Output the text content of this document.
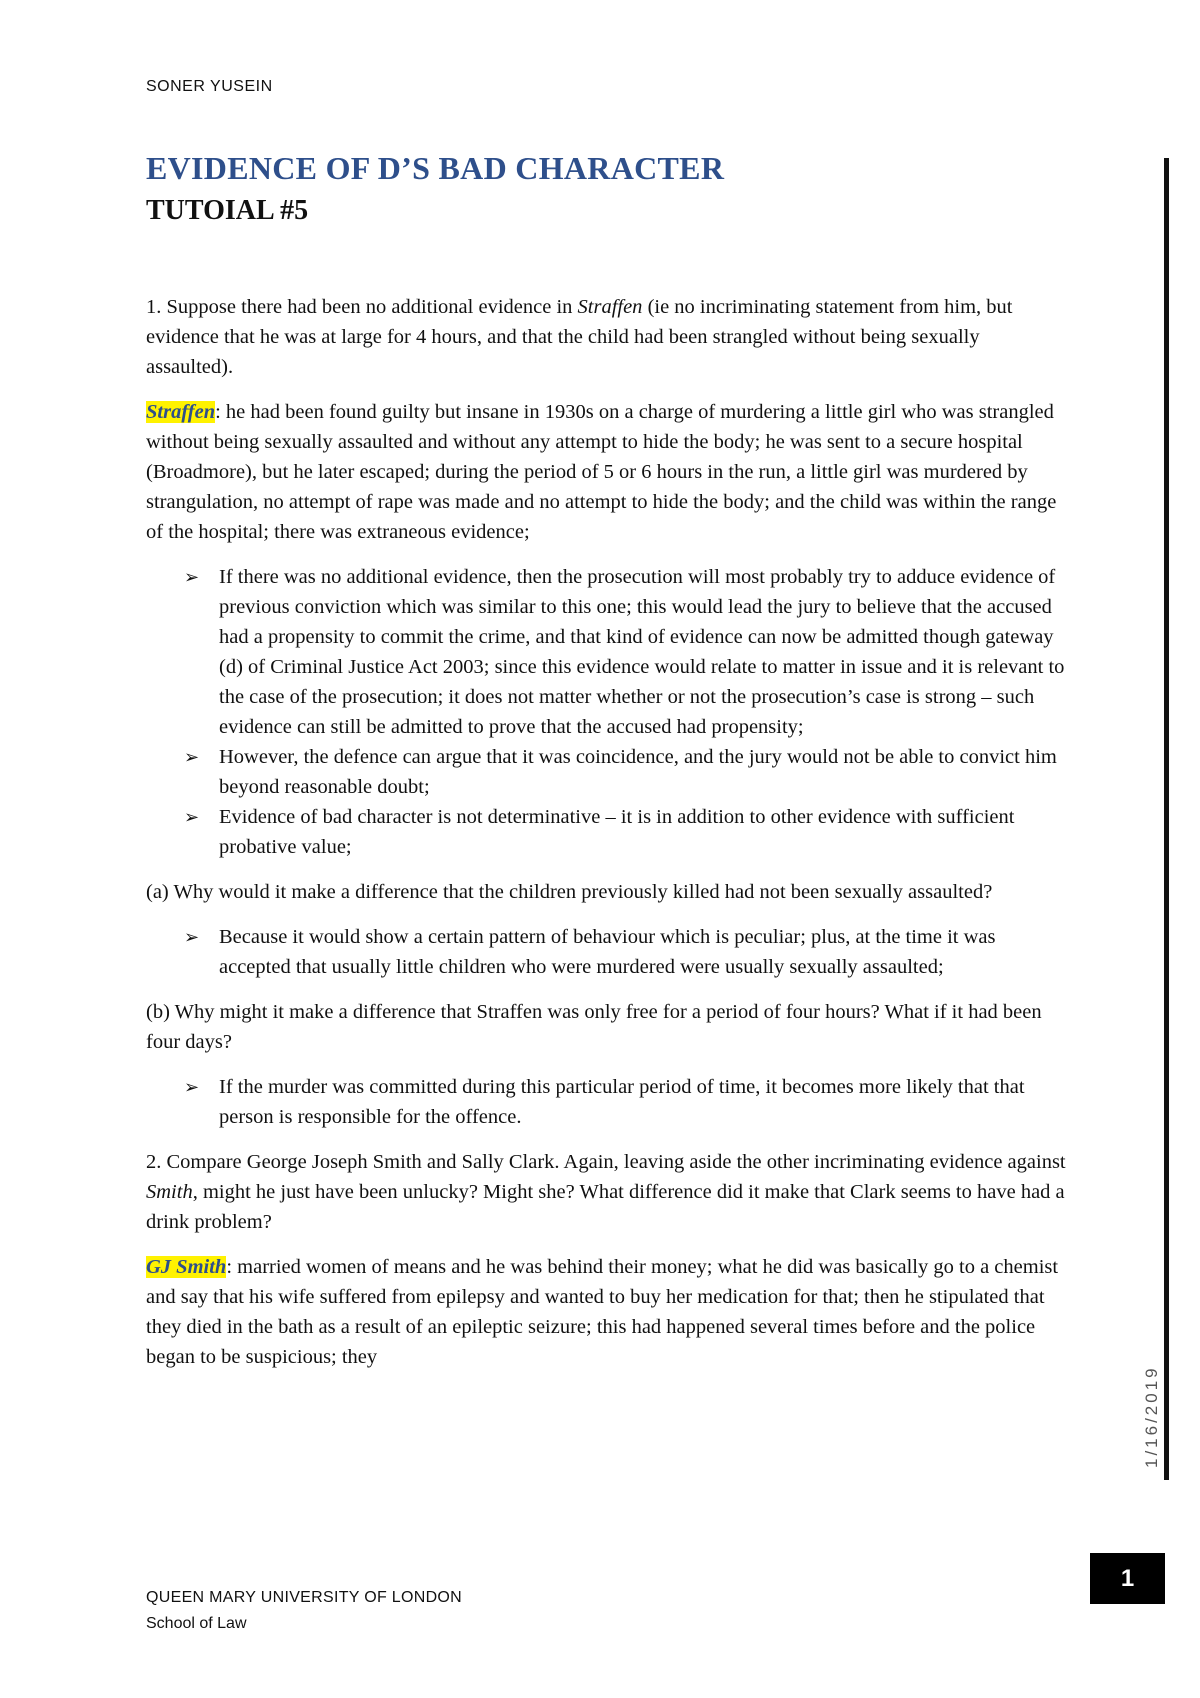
SONER YUSEIN
EVIDENCE OF D’S BAD CHARACTER
TUTOIAL #5

1. Suppose there had been no additional evidence in Straffen (ie no incriminating statement from him, but evidence that he was at large for 4 hours, and that the child had been strangled without being sexually assaulted).

Straffen: he had been found guilty but insane in 1930s on a charge of murdering a little girl who was strangled without being sexually assaulted and without any attempt to hide the body; he was sent to a secure hospital (Broadmore), but he later escaped; during the period of 5 or 6 hours in the run, a little girl was murdered by strangulation, no attempt of rape was made and no attempt to hide the body; and the child was within the range of the hospital; there was extraneous evidence;

➢ If there was no additional evidence, then the prosecution will most probably try to adduce evidence of previous conviction which was similar to this one; this would lead the jury to believe that the accused had a propensity to commit the crime, and that kind of evidence can now be admitted though gateway (d) of Criminal Justice Act 2003; since this evidence would relate to matter in issue and it is relevant to the case of the prosecution; it does not matter whether or not the prosecution’s case is strong – such evidence can still be admitted to prove that the accused had propensity;
➢ However, the defence can argue that it was coincidence, and the jury would not be able to convict him beyond reasonable doubt;
➢ Evidence of bad character is not determinative – it is in addition to other evidence with sufficient probative value;

(a) Why would it make a difference that the children previously killed had not been sexually assaulted?

➢ Because it would show a certain pattern of behaviour which is peculiar; plus, at the time it was accepted that usually little children who were murdered were usually sexually assaulted;

(b) Why might it make a difference that Straffen was only free for a period of four hours? What if it had been four days?

➢ If the murder was committed during this particular period of time, it becomes more likely that that person is responsible for the offence.

2. Compare George Joseph Smith and Sally Clark. Again, leaving aside the other incriminating evidence against Smith, might he just have been unlucky? Might she? What difference did it make that Clark seems to have had a drink problem?

GJ Smith: married women of means and he was behind their money; what he did was basically go to a chemist and say that his wife suffered from epilepsy and wanted to buy her medication for that; then he stipulated that they died in the bath as a result of an epileptic seizure; this had happened several times before and the police began to be suspicious; they

1/16/2019
1
QUEEN MARY UNIVERSITY OF LONDON
School of Law
